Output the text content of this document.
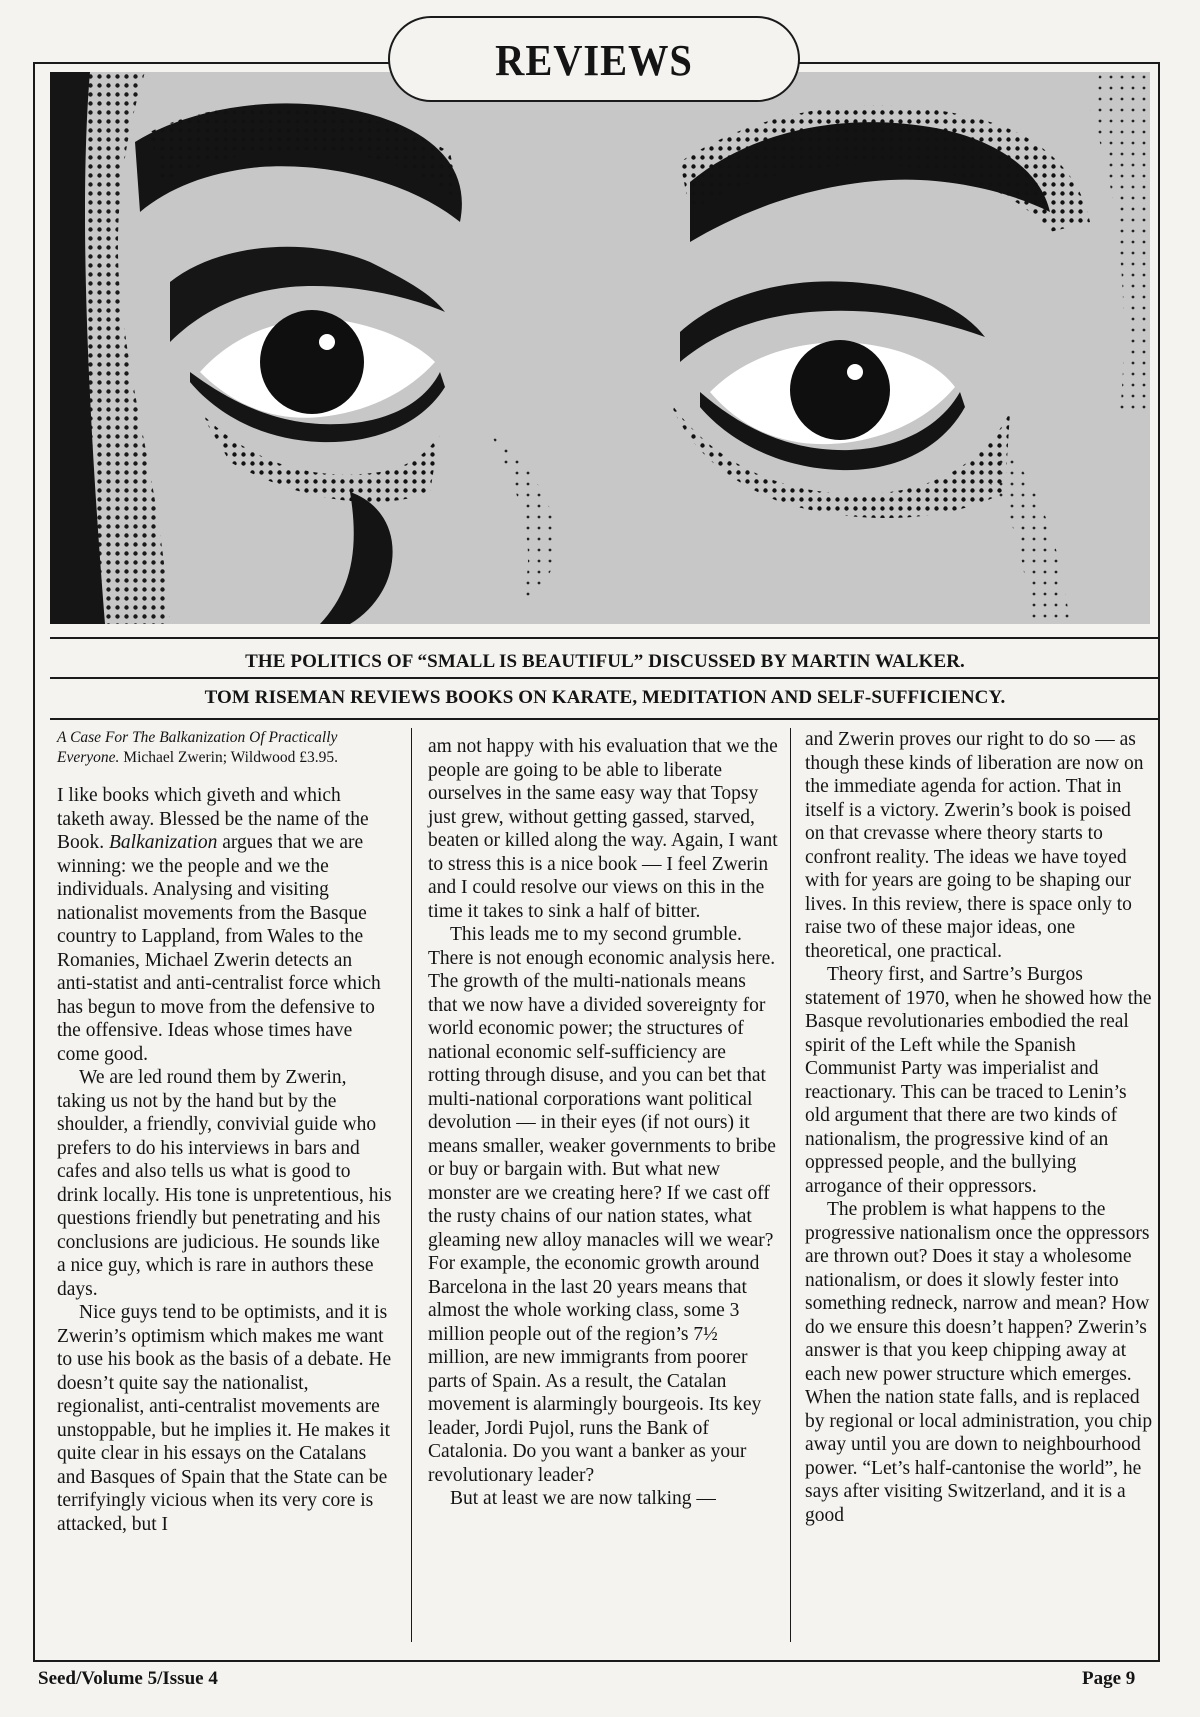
REVIEWS
THE POLITICS OF “SMALL IS BEAUTIFUL” DISCUSSED BY MARTIN WALKER.
TOM RISEMAN REVIEWS BOOKS ON KARATE, MEDITATION AND SELF-SUFFICIENCY.

A Case For The Balkanization Of Practically Everyone. Michael Zwerin; Wildwood £3.95.

I like books which giveth and which taketh away. Blessed be the name of the Book. Balkanization argues that we are winning: we the people and we the individuals. Analysing and visiting nationalist movements from the Basque country to Lappland, from Wales to the Romanies, Michael Zwerin detects an anti-statist and anti-centralist force which has begun to move from the defensive to the offensive. Ideas whose times have come good.

We are led round them by Zwerin, taking us not by the hand but by the shoulder, a friendly, convivial guide who prefers to do his interviews in bars and cafes and also tells us what is good to drink locally. His tone is unpretentious, his questions friendly but penetrating and his conclusions are judicious. He sounds like a nice guy, which is rare in authors these days.

Nice guys tend to be optimists, and it is Zwerin’s optimism which makes me want to use his book as the basis of a debate. He doesn’t quite say the nationalist, regionalist, anti-centralist movements are unstoppable, but he implies it. He makes it quite clear in his essays on the Catalans and Basques of Spain that the State can be terrifyingly vicious when its very core is attacked, but I

am not happy with his evaluation that we the people are going to be able to liberate ourselves in the same easy way that Topsy just grew, without getting gassed, starved, beaten or killed along the way. Again, I want to stress this is a nice book — I feel Zwerin and I could resolve our views on this in the time it takes to sink a half of bitter.

This leads me to my second grumble. There is not enough economic analysis here. The growth of the multi-nationals means that we now have a divided sovereignty for world economic power; the structures of national economic self-sufficiency are rotting through disuse, and you can bet that multi-national corporations want political devolution — in their eyes (if not ours) it means smaller, weaker governments to bribe or buy or bargain with. But what new monster are we creating here? If we cast off the rusty chains of our nation states, what gleaming new alloy manacles will we wear? For example, the economic growth around Barcelona in the last 20 years means that almost the whole working class, some 3 million people out of the region’s 7½ million, are new immigrants from poorer parts of Spain. As a result, the Catalan movement is alarmingly bourgeois. Its key leader, Jordi Pujol, runs the Bank of Catalonia. Do you want a banker as your revolutionary leader?

But at least we are now talking —

and Zwerin proves our right to do so — as though these kinds of liberation are now on the immediate agenda for action. That in itself is a victory. Zwerin’s book is poised on that crevasse where theory starts to confront reality. The ideas we have toyed with for years are going to be shaping our lives. In this review, there is space only to raise two of these major ideas, one theoretical, one practical.

Theory first, and Sartre’s Burgos statement of 1970, when he showed how the Basque revolutionaries embodied the real spirit of the Left while the Spanish Communist Party was imperialist and reactionary. This can be traced to Lenin’s old argument that there are two kinds of nationalism, the progressive kind of an oppressed people, and the bullying arrogance of their oppressors.

The problem is what happens to the progressive nationalism once the oppressors are thrown out? Does it stay a wholesome nationalism, or does it slowly fester into something redneck, narrow and mean? How do we ensure this doesn’t happen? Zwerin’s answer is that you keep chipping away at each new power structure which emerges. When the nation state falls, and is replaced by regional or local administration, you chip away until you are down to neighbourhood power. “Let’s half-cantonise the world”, he says after visiting Switzerland, and it is a good

Seed/Volume 5/Issue 4	Page 9
